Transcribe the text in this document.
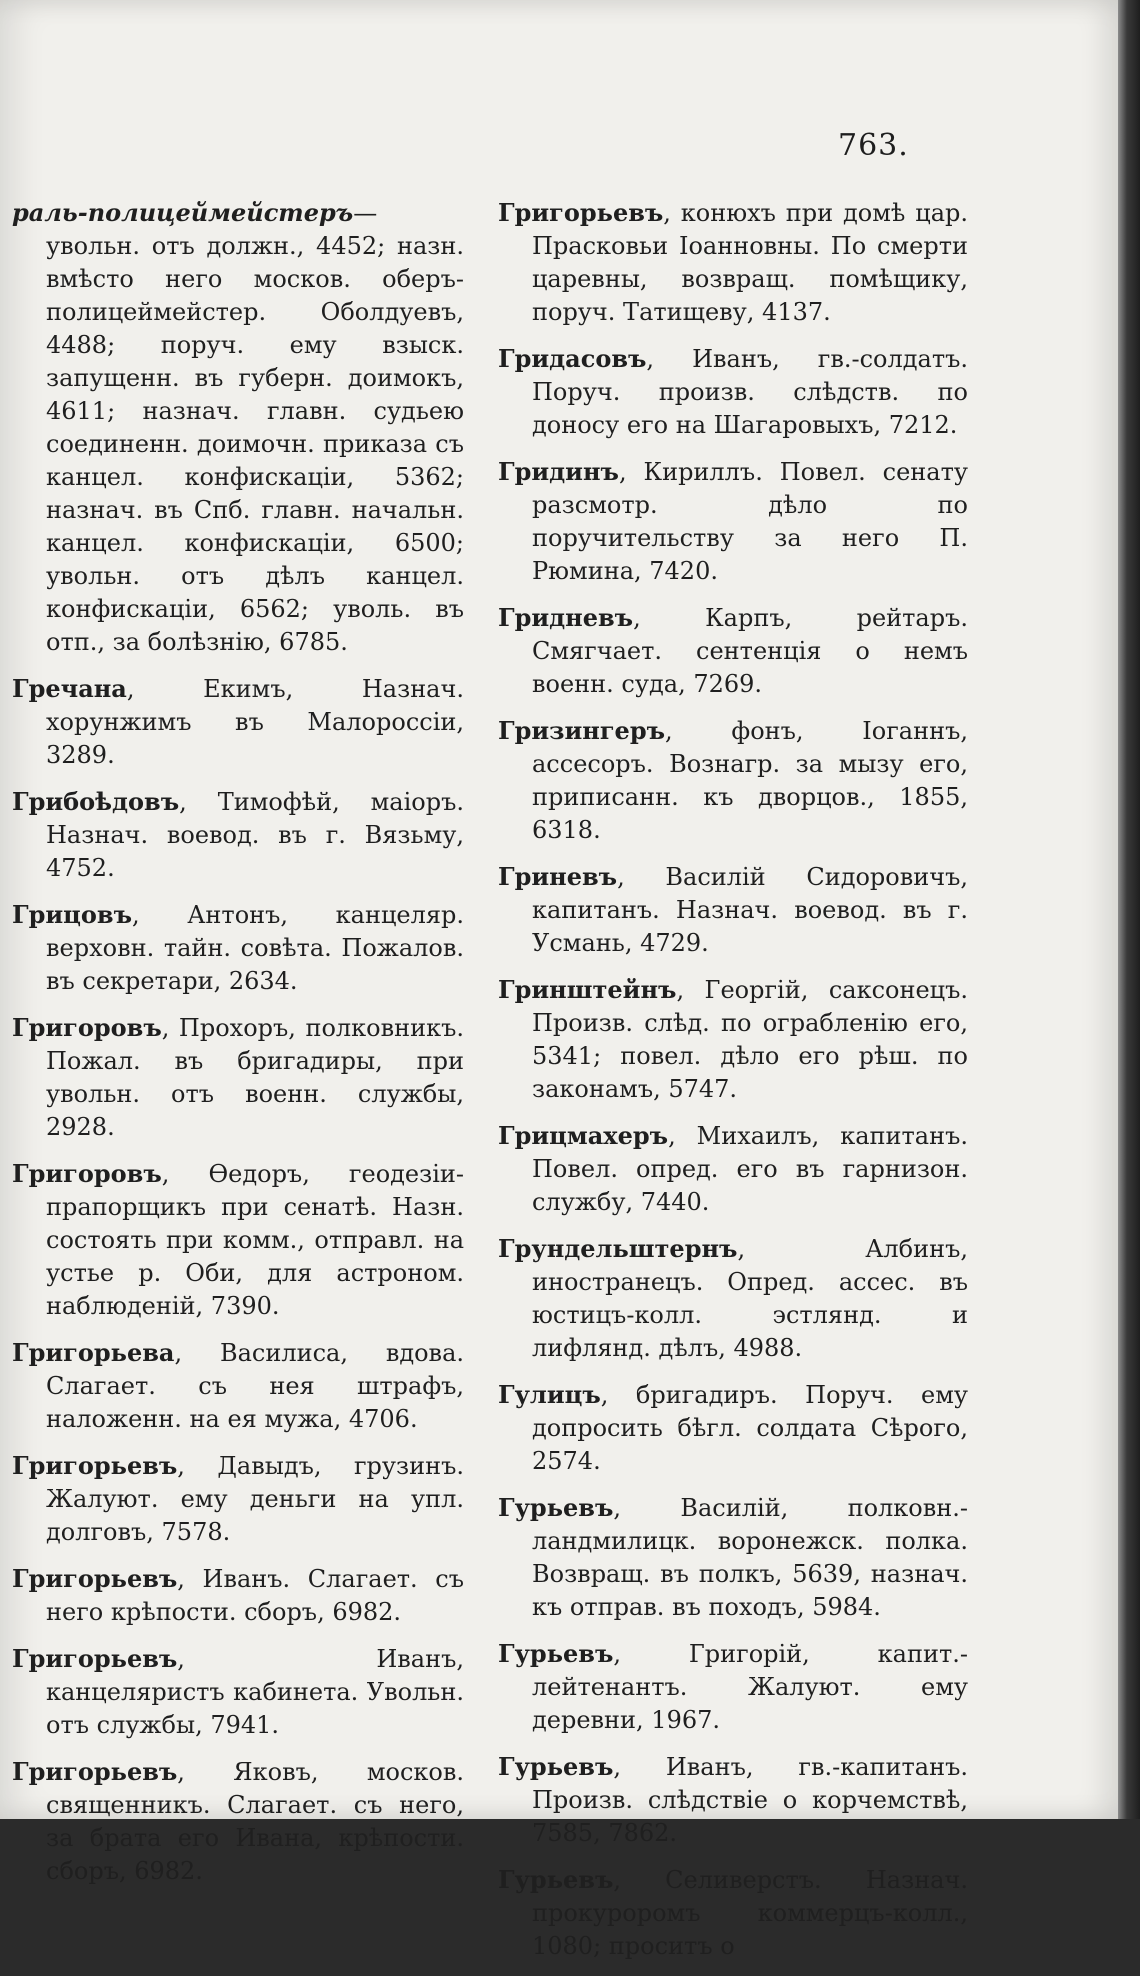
763.

раль-полицеймейстеръ—увольн. отъ должн., 4452; назн. вмѣсто него москов. оберъ-полицеймейстер. Оболдуевъ, 4488; поруч. ему взыск. запущенн. въ губерн. доимокъ, 4611; назнач. главн. судьею соединенн. доимочн. приказа съ канцел. конфискаціи, 5362; назнач. въ Спб. главн. начальн. канцел. конфискаціи, 6500; увольн. отъ дѣлъ канцел. конфискаціи, 6562; уволь. въ отп., за болѣзнію, 6785.

Гречана, Екимъ, Назнач. хорунжимъ въ Малороссіи, 3289.

Грибоѣдовъ, Тимофѣй, маіоръ. Назнач. воевод. въ г. Вязьму, 4752.

Грицовъ, Антонъ, канцеляр. верховн. тайн. совѣта. Пожалов. въ секретари, 2634.

Григоровъ, Прохоръ, полковникъ. Пожал. въ бригадиры, при увольн. отъ военн. службы, 2928.

Григоровъ, Ѳедоръ, геодезіи-прапорщикъ при сенатѣ. Назн. состоять при комм., отправл. на устье р. Оби, для астроном. наблюденій, 7390.

Григорьева, Василиса, вдова. Слагает. съ нея штрафъ, наложенн. на ея мужа, 4706.

Григорьевъ, Давыдъ, грузинъ. Жалуют. ему деньги на упл. долговъ, 7578.

Григорьевъ, Иванъ. Слагает. съ него крѣпости. сборъ, 6982.

Григорьевъ, Иванъ, канцеляристъ кабинета. Увольн. отъ службы, 7941.

Григорьевъ, Яковъ, москов. священникъ. Слагает. съ него, за брата его Ивана, крѣпости. сборъ, 6982.

Григорьевъ, конюхъ при домѣ цар. Прасковьи Іоанновны. По смерти царевны, возвращ. помѣщику, поруч. Татищеву, 4137.

Гридасовъ, Иванъ, гв.-солдатъ. Поруч. произв. слѣдств. по доносу его на Шагаровыхъ, 7212.

Гридинъ, Кириллъ. Повел. сенату разсмотр. дѣло по поручительству за него П. Рюмина, 7420.

Гридневъ, Карпъ, рейтаръ. Смягчает. сентенція о немъ военн. суда, 7269.

Гризингеръ, фонъ, Іоганнъ, ассесоръ. Вознагр. за мызу его, приписанн. къ дворцов., 1855, 6318.

Гриневъ, Василій Сидоровичъ, капитанъ. Назнач. воевод. въ г. Усмань, 4729.

Гринштейнъ, Георгій, саксонецъ. Произв. слѣд. по ограбленію его, 5341; повел. дѣло его рѣш. по законамъ, 5747.

Грицмахеръ, Михаилъ, капитанъ. Повел. опред. его въ гарнизон. службу, 7440.

Грундельштернъ, Албинъ, иностранецъ. Опред. ассес. въ юстицъ-колл. эстлянд. и лифлянд. дѣлъ, 4988.

Гулицъ, бригадиръ. Поруч. ему допросить бѣгл. солдата Сѣрого, 2574.

Гурьевъ, Василій, полковн.-ландмилицк. воронежск. полка. Возвращ. въ полкъ, 5639, назнач. къ отправ. въ походъ, 5984.

Гурьевъ, Григорій, капит.-лейтенантъ. Жалуют. ему деревни, 1967.

Гурьевъ, Иванъ, гв.-капитанъ. Произв. слѣдствіе о корчемствѣ, 7585, 7862.

Гурьевъ, Селиверстъ. Назнач. прокуроромъ коммерцъ-колл., 1080; проситъ о
